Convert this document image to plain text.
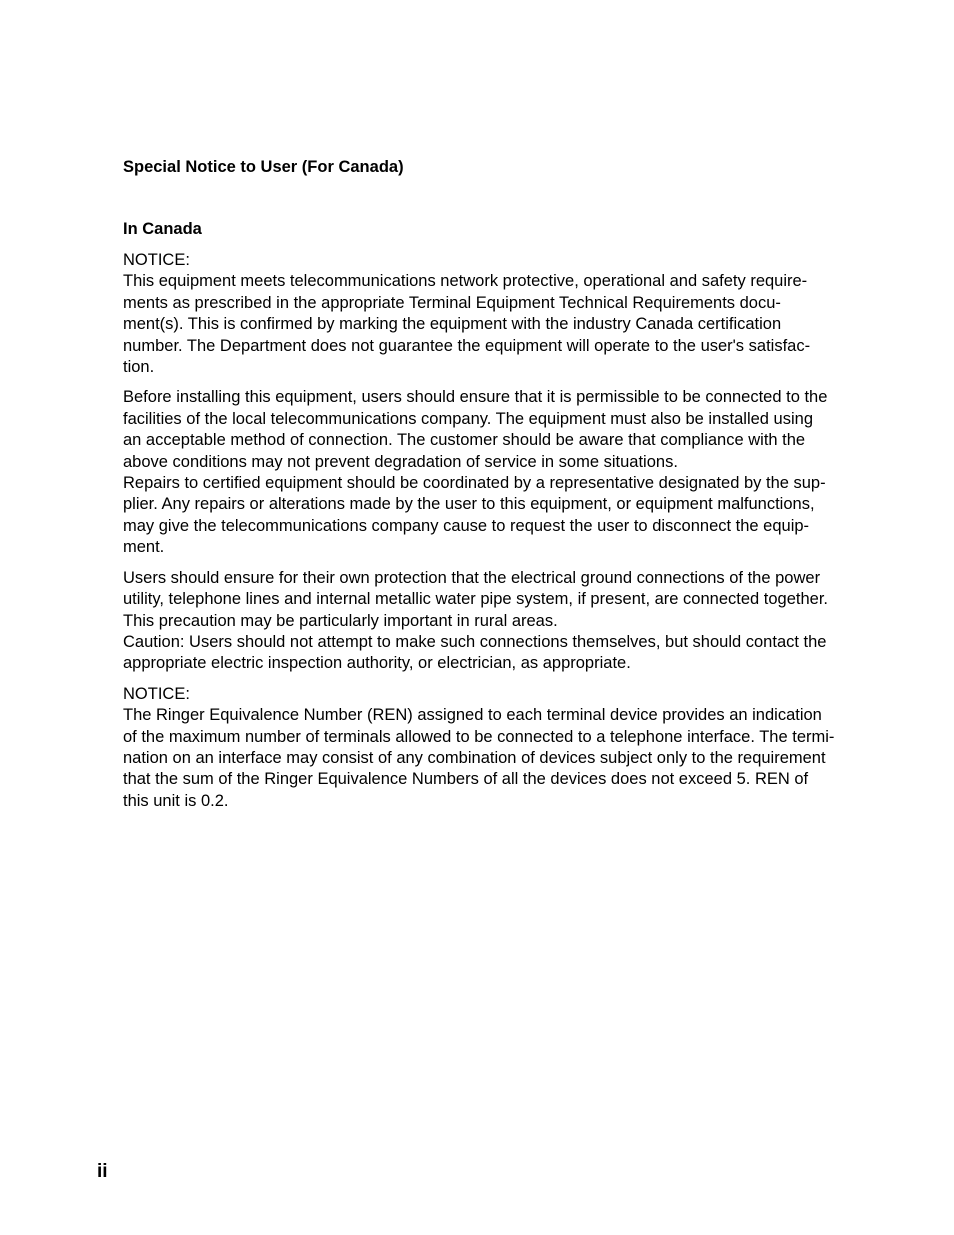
Special Notice to User (For Canada)
In Canada
NOTICE:
This equipment meets telecommunications network protective, operational and safety require-
ments as prescribed in the appropriate Terminal Equipment Technical Requirements docu-
ment(s). This is confirmed by marking the equipment with the industry Canada certification
number. The Department does not guarantee the equipment will operate to the user's satisfac-
tion.
Before installing this equipment, users should ensure that it is permissible to be connected to the
facilities of the local telecommunications company. The equipment must also be installed using
an acceptable method of connection. The customer should be aware that compliance with the
above conditions may not prevent degradation of service in some situations.
Repairs to certified equipment should be coordinated by a representative designated by the sup-
plier. Any repairs or alterations made by the user to this equipment, or equipment malfunctions,
may give the telecommunications company cause to request the user to disconnect the equip-
ment.
Users should ensure for their own protection that the electrical ground connections of the power
utility, telephone lines and internal metallic water pipe system, if present, are connected together.
This precaution may be particularly important in rural areas.
Caution: Users should not attempt to make such connections themselves, but should contact the
appropriate electric inspection authority, or electrician, as appropriate.
NOTICE:
The Ringer Equivalence Number (REN) assigned to each terminal device provides an indication
of the maximum number of terminals allowed to be connected to a telephone interface. The termi-
nation on an interface may consist of any combination of devices subject only to the requirement
that the sum of the Ringer Equivalence Numbers of all the devices does not exceed 5. REN of
this unit is 0.2.
ii
